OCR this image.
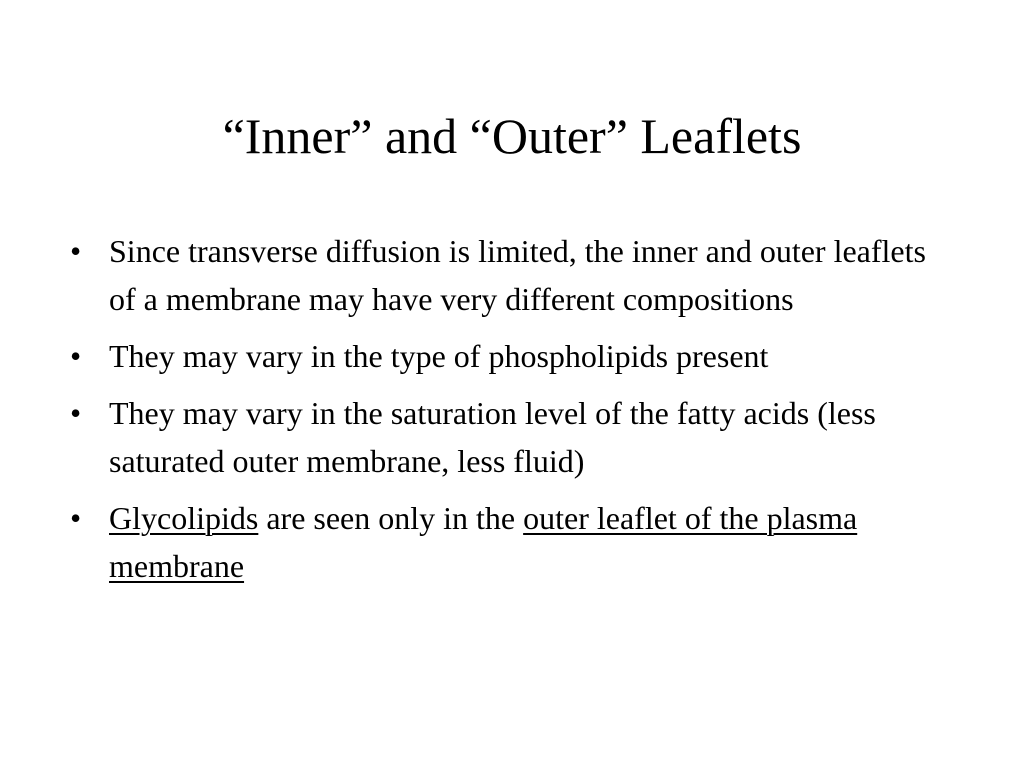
“Inner” and “Outer” Leaflets
• Since transverse diffusion is limited, the inner and outer leaflets of a membrane may have very different compositions
• They may vary in the type of phospholipids present
• They may vary in the saturation level of the fatty acids (less saturated outer membrane, less fluid)
• Glycolipids are seen only in the outer leaflet of the plasma membrane
